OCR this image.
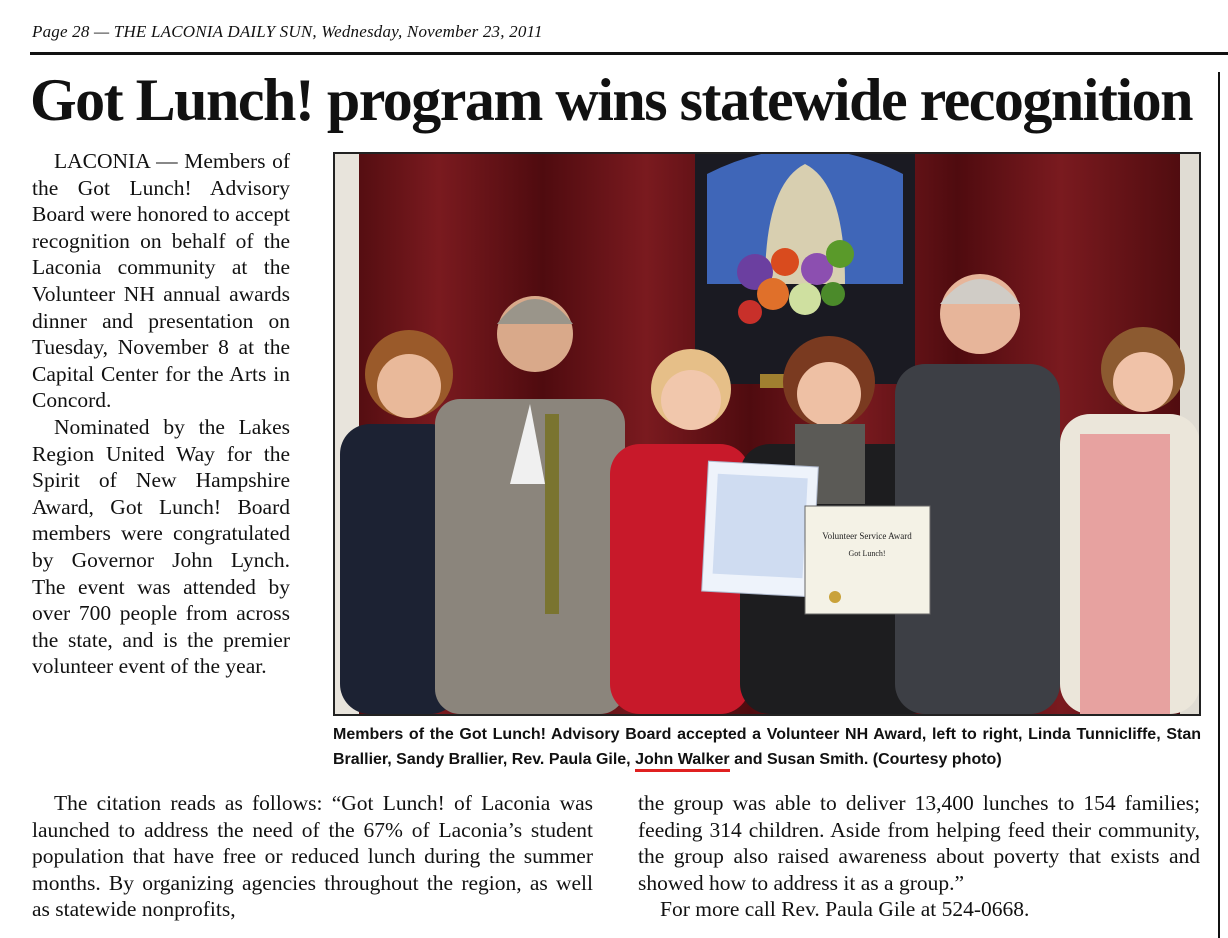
Page 28 — THE LACONIA DAILY SUN, Wednesday, November 23, 2011
Got Lunch! program wins statewide recognition

LACONIA — Members of the Got Lunch! Advisory Board were honored to accept recognition on behalf of the Laconia community at the Volunteer NH annual awards dinner and presentation on Tuesday, November 8 at the Capital Center for the Arts in Concord.

Nominated by the Lakes Region United Way for the Spirit of New Hampshire Award, Got Lunch! Board members were congratulated by Governor John Lynch. The event was attended by over 700 people from across the state, and is the premier volunteer event of the year.

Volunteer Service Award
Got Lunch!
Members of the Got Lunch! Advisory Board accepted a Volunteer NH Award, left to right, Linda Tunnicliffe, Stan Brallier, Sandy Brallier, Rev. Paula Gile, John Walker and Susan Smith. (Courtesy photo)

The citation reads as follows: “Got Lunch! of Laconia was launched to address the need of the 67% of Laconia’s student population that have free or reduced lunch during the summer months. By organizing agencies throughout the region, as well as statewide nonprofits,

the group was able to deliver 13,400 lunches to 154 families; feeding 314 children. Aside from helping feed their community, the group also raised awareness about poverty that exists and showed how to address it as a group.”

For more call Rev. Paula Gile at 524-0668.
